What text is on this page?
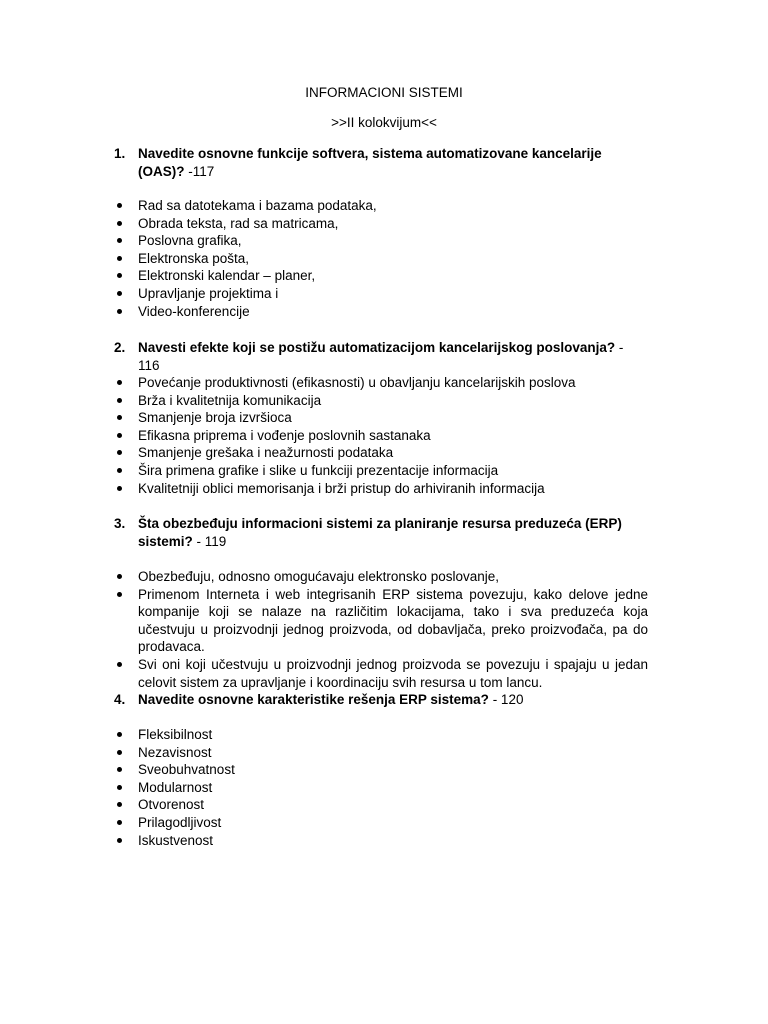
INFORMACIONI SISTEMI
>>II kolokvijum<<
1. Navedite osnovne funkcije softvera, sistema automatizovane kancelarije (OAS)? -117
Rad sa datotekama i bazama podataka,
Obrada teksta, rad sa matricama,
Poslovna grafika,
Elektronska pošta,
Elektronski kalendar – planer,
Upravljanje projektima i
Video-konferencije
2. Navesti efekte koji se postižu automatizacijom kancelarijskog poslovanja? - 116
Povećanje produktivnosti (efikasnosti) u obavljanju kancelarijskih poslova
Brža i kvalitetnija komunikacija
Smanjenje broja izvršioca
Efikasna priprema i vođenje poslovnih sastanaka
Smanjenje grešaka i neažurnosti podataka
Šira primena grafike i slike u funkciji prezentacije informacija
Kvalitetniji oblici memorisanja i brži pristup do arhiviranih informacija
3. Šta obezbeđuju informacioni sistemi za planiranje resursa preduzeća (ERP) sistemi? - 119
Obezbeđuju, odnosno omogućavaju elektronsko poslovanje,
Primenom Interneta i web integrisanih ERP sistema povezuju, kako delove jedne kompanije koji se nalaze na različitim lokacijama, tako i sva preduzeća koja učestvuju u proizvodnji jednog proizvoda, od dobavljača, preko proizvođača, pa do prodavaca.
Svi oni koji učestvuju u proizvodnji jednog proizvoda se povezuju i spajaju u jedan celovit sistem za upravljanje i koordinaciju svih resursa u tom lancu.
4. Navedite osnovne karakteristike rešenja ERP sistema? - 120
Fleksibilnost
Nezavisnost
Sveobuhvatnost
Modularnost
Otvorenost
Prilagodljivost
Iskustvenost
